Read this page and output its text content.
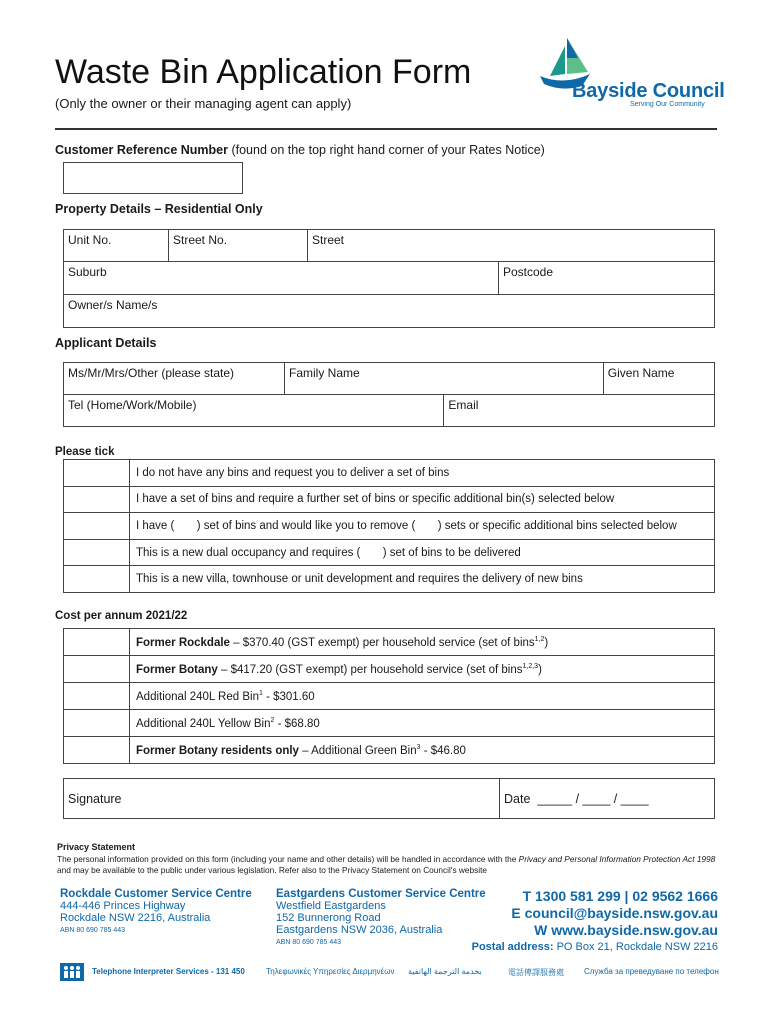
Waste Bin Application Form
(Only the owner or their managing agent can apply)
Bayside Council
Serving Our Community
Customer Reference Number (found on the top right hand corner of your Rates Notice)
Property Details – Residential Only
Unit No.	Street No.	Street	
Suburb			Postcode
Owner/s Name/s			
Applicant Details
Ms/Mr/Mrs/Other (please state)	Family Name		Given Name
Tel (Home/Work/Mobile)		Email	
Please tick
	I do not have any bins and request you to deliver a set of bins
	I have a set of bins and require a further set of bins or specific additional bin(s) selected below
	I have (       ) set of bins and would like you to remove (       ) sets or specific additional bins selected below
	This is a new dual occupancy and requires (       ) set of bins to be delivered
	This is a new villa, townhouse or unit development and requires the delivery of new bins
Cost per annum 2021/22
	Former Rockdale – $370.40 (GST exempt) per household service (set of bins$^{1,2}$)
	Former Botany – $417.20 (GST exempt) per household service (set of bins$^{1,2,3}$)
	Additional 240L Red Bin$^1$ - $301.60
	Additional 240L Yellow Bin$^2$ - $68.80
	Former Botany residents only – Additional Green Bin$^3$ - $46.80
Signature	Date  _____ / ____ / ____
Privacy Statement
The personal information provided on this form (including your name and other details) will be handled in accordance with the Privacy and Personal Information Protection Act 1998 and may be available to the public under various legislation. Refer also to the Privacy Statement on Council's website
Rockdale Customer Service Centre
444-446 Princes Highway
Rockdale NSW 2216, Australia
ABN 80 690 785 443
Eastgardens Customer Service Centre
Westfield Eastgardens
152 Bunnerong Road
Eastgardens NSW 2036, Australia
ABN 80 690 785 443
T 1300 581 299 | 02 9562 1666
E council@bayside.nsw.gov.au
W www.bayside.nsw.gov.au
Postal address: PO Box 21, Rockdale NSW 2216
Telephone Interpreter Services - 131 450	Τηλεφωνικές Υπηρεσίες Διερμηνέων بخدمة الترجمة الهاتفية	電話傳譯服務處	Служба за преведуване по телефон
